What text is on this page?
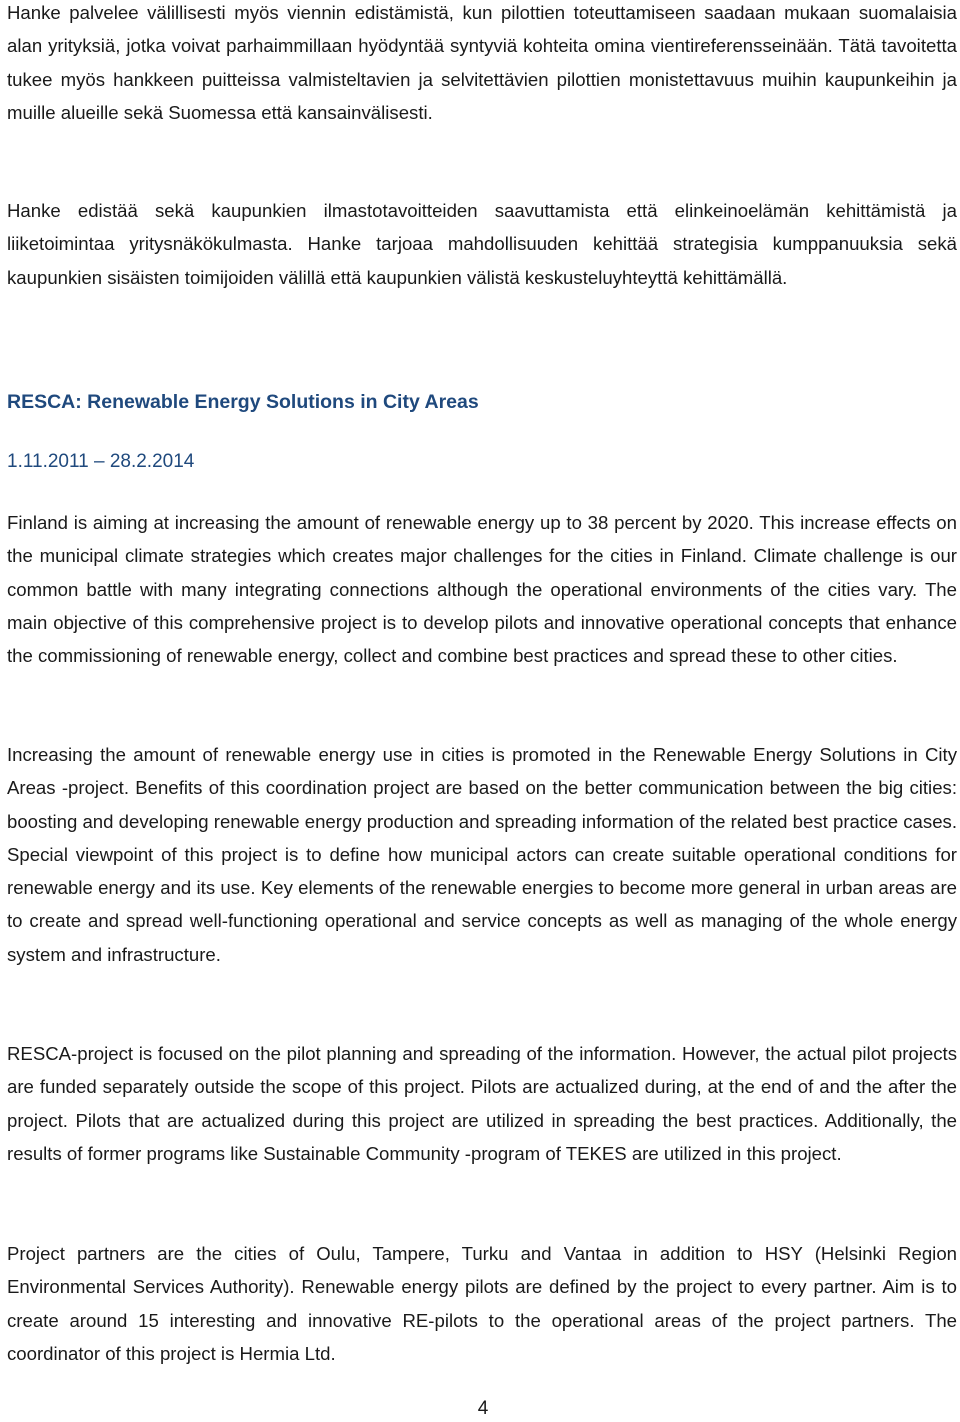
Hanke palvelee välillisesti myös viennin edistämistä, kun pilottien toteuttamiseen saadaan mukaan suomalaisia alan yrityksiä, jotka voivat parhaimmillaan hyödyntää syntyviä kohteita omina vientireferensseinään. Tätä tavoitetta tukee myös hankkeen puitteissa valmisteltavien ja selvitettävien pilottien monistettavuus muihin kaupunkeihin ja muille alueille sekä Suomessa että kansainvälisesti.

Hanke edistää sekä kaupunkien ilmastotavoitteiden saavuttamista että elinkeinoelämän kehittämistä ja liiketoimintaa yritysnäkökulmasta. Hanke tarjoaa mahdollisuuden kehittää strategisia kumppanuuksia sekä kaupunkien sisäisten toimijoiden välillä että kaupunkien välistä keskusteluyhteyttä kehittämällä.

RESCA: Renewable Energy Solutions in City Areas
1.11.2011 – 28.2.2014

Finland is aiming at increasing the amount of renewable energy up to 38 percent by 2020. This increase effects on the municipal climate strategies which creates major challenges for the cities in Finland. Climate challenge is our common battle with many integrating connections although the operational environments of the cities vary. The main objective of this comprehensive project is to develop pilots and innovative operational concepts that enhance the commissioning of renewable energy, collect and combine best practices and spread these to other cities.

Increasing the amount of renewable energy use in cities is promoted in the Renewable Energy Solutions in City Areas -project. Benefits of this coordination project are based on the better communication between the big cities: boosting and developing renewable energy production and spreading information of the related best practice cases. Special viewpoint of this project is to define how municipal actors can create suitable operational conditions for renewable energy and its use. Key elements of the renewable energies to become more general in urban areas are to create and spread well-functioning operational and service concepts as well as managing of the whole energy system and infrastructure.

RESCA-project is focused on the pilot planning and spreading of the information. However, the actual pilot projects are funded separately outside the scope of this project. Pilots are actualized during, at the end of and the after the project. Pilots that are actualized during this project are utilized in spreading the best practices. Additionally, the results of former programs like Sustainable Community -program of TEKES are utilized in this project.

Project partners are the cities of Oulu, Tampere, Turku and Vantaa in addition to HSY (Helsinki Region Environmental Services Authority). Renewable energy pilots are defined by the project to every partner. Aim is to create around 15 interesting and innovative RE-pilots to the operational areas of the project partners. The coordinator of this project is Hermia Ltd.

4
